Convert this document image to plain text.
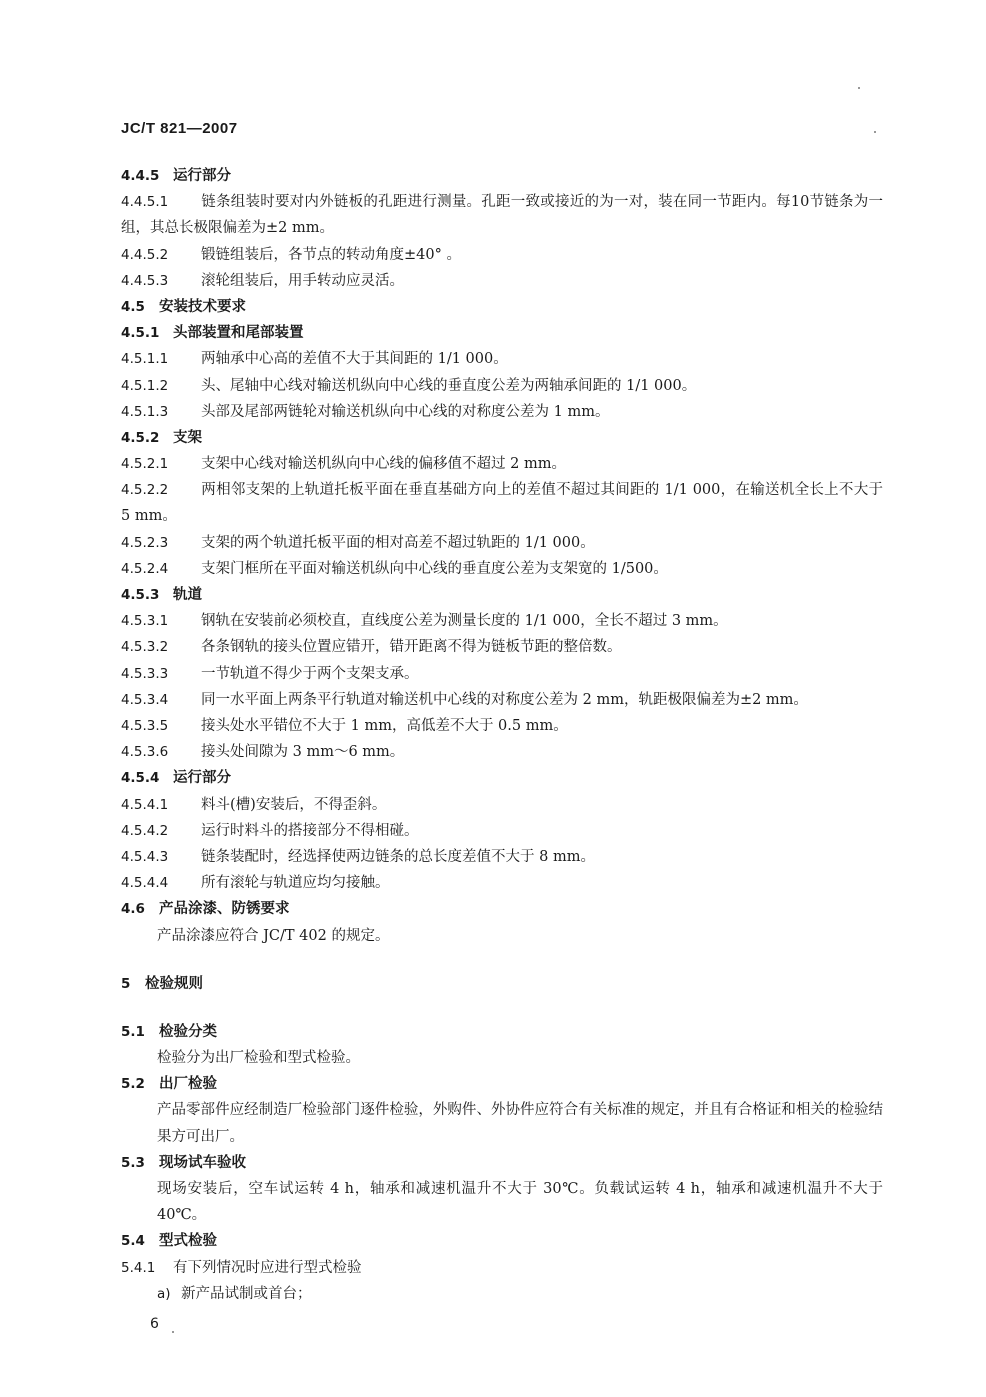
JC/T 821—2007
4.4.5 运行部分
4.4.5.1 链条组装时要对内外链板的孔距进行测量。孔距一致或接近的为一对，装在同一节距内。每10节链条为一组，其总长极限偏差为±2 mm。
4.4.5.2 锻链组装后，各节点的转动角度±40° 。
4.4.5.3 滚轮组装后，用手转动应灵活。
4.5 安装技术要求
4.5.1 头部装置和尾部装置
4.5.1.1 两轴承中心高的差值不大于其间距的 1/1 000。
4.5.1.2 头、尾轴中心线对输送机纵向中心线的垂直度公差为两轴承间距的 1/1 000。
4.5.1.3 头部及尾部两链轮对输送机纵向中心线的对称度公差为 1 mm。
4.5.2 支架
4.5.2.1 支架中心线对输送机纵向中心线的偏移值不超过 2 mm。
4.5.2.2 两相邻支架的上轨道托板平面在垂直基础方向上的差值不超过其间距的 1/1 000，在输送机全长上不大于 5 mm。
4.5.2.3 支架的两个轨道托板平面的相对高差不超过轨距的 1/1 000。
4.5.2.4 支架门框所在平面对输送机纵向中心线的垂直度公差为支架宽的 1/500。
4.5.3 轨道
4.5.3.1 钢轨在安装前必须校直，直线度公差为测量长度的 1/1 000，全长不超过 3 mm。
4.5.3.2 各条钢轨的接头位置应错开，错开距离不得为链板节距的整倍数。
4.5.3.3 一节轨道不得少于两个支架支承。
4.5.3.4 同一水平面上两条平行轨道对输送机中心线的对称度公差为 2 mm，轨距极限偏差为±2 mm。
4.5.3.5 接头处水平错位不大于 1 mm，高低差不大于 0.5 mm。
4.5.3.6 接头处间隙为 3 mm～6 mm。
4.5.4 运行部分
4.5.4.1 料斗(槽)安装后，不得歪斜。
4.5.4.2 运行时料斗的搭接部分不得相碰。
4.5.4.3 链条装配时，经选择使两边链条的总长度差值不大于 8 mm。
4.5.4.4 所有滚轮与轨道应均匀接触。
4.6 产品涂漆、防锈要求
产品涂漆应符合 JC/T 402 的规定。
5 检验规则
5.1 检验分类
检验分为出厂检验和型式检验。
5.2 出厂检验
产品零部件应经制造厂检验部门逐件检验，外购件、外协件应符合有关标准的规定，并且有合格证和相关的检验结果方可出厂。
5.3 现场试车验收
现场安装后，空车试运转 4 h，轴承和减速机温升不大于 30℃。负载试运转 4 h，轴承和减速机温升不大于 40℃。
5.4 型式检验
5.4.1 有下列情况时应进行型式检验
a) 新产品试制或首台；
6
